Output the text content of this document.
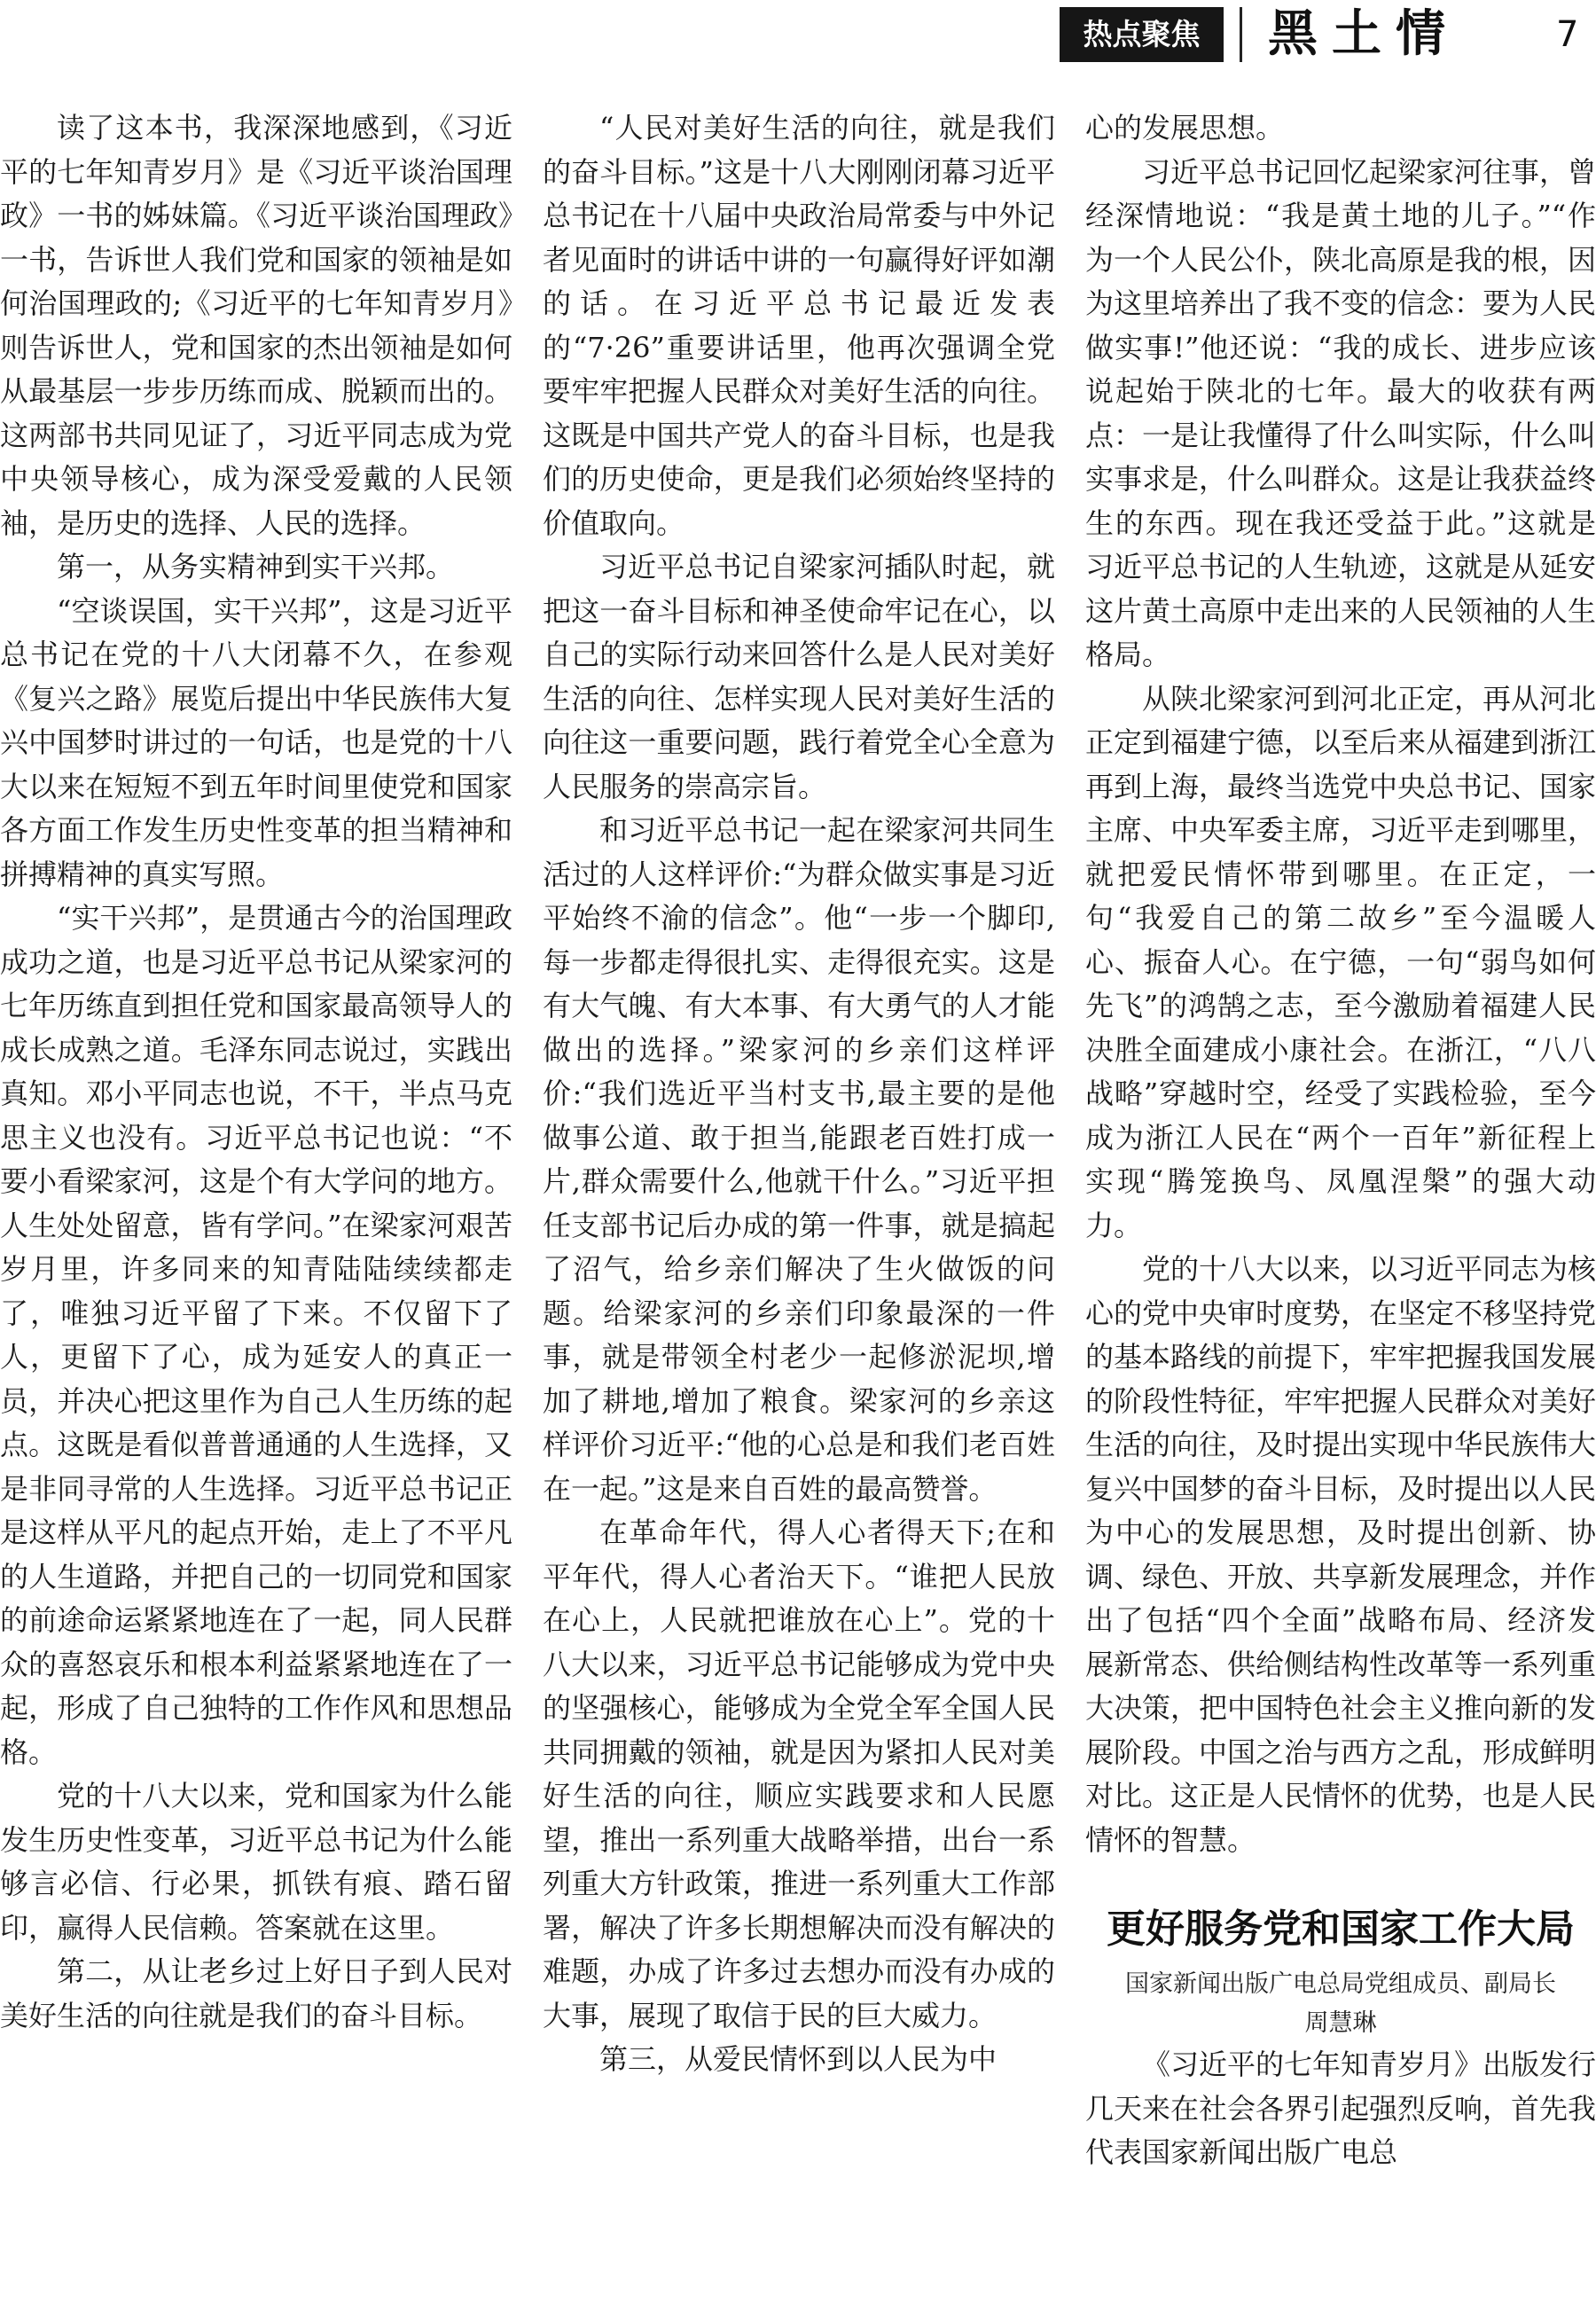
热点聚焦	黑土情	7

读了这本书，我深深地感到，《习近平的七年知青岁月》是《习近平谈治国理政》一书的姊妹篇。《习近平谈治国理政》一书，告诉世人我们党和国家的领袖是如何治国理政的;《习近平的七年知青岁月》则告诉世人，党和国家的杰出领袖是如何从最基层一步步历练而成、脱颖而出的。这两部书共同见证了，习近平同志成为党中央领导核心，成为深受爱戴的人民领袖，是历史的选择、人民的选择。

第一，从务实精神到实干兴邦。

“空谈误国，实干兴邦”，这是习近平总书记在党的十八大闭幕不久，在参观《复兴之路》展览后提出中华民族伟大复兴中国梦时讲过的一句话，也是党的十八大以来在短短不到五年时间里使党和国家各方面工作发生历史性变革的担当精神和拼搏精神的真实写照。

“实干兴邦”，是贯通古今的治国理政成功之道，也是习近平总书记从梁家河的七年历练直到担任党和国家最高领导人的成长成熟之道。毛泽东同志说过，实践出真知。邓小平同志也说，不干，半点马克思主义也没有。习近平总书记也说：“不要小看梁家河，这是个有大学问的地方。人生处处留意，皆有学问。”在梁家河艰苦岁月里，许多同来的知青陆陆续续都走了，唯独习近平留了下来。不仅留下了人，更留下了心，成为延安人的真正一员，并决心把这里作为自己人生历练的起点。这既是看似普普通通的人生选择，又是非同寻常的人生选择。习近平总书记正是这样从平凡的起点开始，走上了不平凡的人生道路，并把自己的一切同党和国家的前途命运紧紧地连在了一起，同人民群众的喜怒哀乐和根本利益紧紧地连在了一起，形成了自己独特的工作作风和思想品格。

党的十八大以来，党和国家为什么能发生历史性变革，习近平总书记为什么能够言必信、行必果，抓铁有痕、踏石留印，赢得人民信赖。答案就在这里。

第二，从让老乡过上好日子到人民对美好生活的向往就是我们的奋斗目标。

“人民对美好生活的向往，就是我们的奋斗目标。”这是十八大刚刚闭幕习近平总书记在十八届中央政治局常委与中外记者见面时的讲话中讲的一句赢得好评如潮的话。在习近平总书记最近发表的“7·26”重要讲话里，他再次强调全党要牢牢把握人民群众对美好生活的向往。这既是中国共产党人的奋斗目标，也是我们的历史使命，更是我们必须始终坚持的价值取向。

习近平总书记自梁家河插队时起，就把这一奋斗目标和神圣使命牢记在心，以自己的实际行动来回答什么是人民对美好生活的向往、怎样实现人民对美好生活的向往这一重要问题，践行着党全心全意为人民服务的崇高宗旨。

和习近平总书记一起在梁家河共同生活过的人这样评价:“为群众做实事是习近平始终不渝的信念”。他“一步一个脚印,每一步都走得很扎实、走得很充实。这是有大气魄、有大本事、有大勇气的人才能做出的选择。”梁家河的乡亲们这样评价:“我们选近平当村支书,最主要的是他做事公道、敢于担当,能跟老百姓打成一片,群众需要什么,他就干什么。”习近平担任支部书记后办成的第一件事，就是搞起了沼气，给乡亲们解决了生火做饭的问题。给梁家河的乡亲们印象最深的一件事，就是带领全村老少一起修淤泥坝,增加了耕地,增加了粮食。梁家河的乡亲这样评价习近平:“他的心总是和我们老百姓在一起。”这是来自百姓的最高赞誉。

在革命年代，得人心者得天下;在和平年代，得人心者治天下。“谁把人民放在心上，人民就把谁放在心上”。党的十八大以来，习近平总书记能够成为党中央的坚强核心，能够成为全党全军全国人民共同拥戴的领袖，就是因为紧扣人民对美好生活的向往，顺应实践要求和人民愿望，推出一系列重大战略举措，出台一系列重大方针政策，推进一系列重大工作部署，解决了许多长期想解决而没有解决的难题，办成了许多过去想办而没有办成的大事，展现了取信于民的巨大威力。

第三，从爱民情怀到以人民为中

心的发展思想。

习近平总书记回忆起梁家河往事，曾经深情地说：“我是黄土地的儿子。”“作为一个人民公仆，陕北高原是我的根，因为这里培养出了我不变的信念：要为人民做实事!”他还说：“我的成长、进步应该说起始于陕北的七年。最大的收获有两点：一是让我懂得了什么叫实际，什么叫实事求是，什么叫群众。这是让我获益终生的东西。现在我还受益于此。”这就是习近平总书记的人生轨迹，这就是从延安这片黄土高原中走出来的人民领袖的人生格局。

从陕北梁家河到河北正定，再从河北正定到福建宁德，以至后来从福建到浙江再到上海，最终当选党中央总书记、国家主席、中央军委主席，习近平走到哪里，就把爱民情怀带到哪里。在正定，一句“我爱自己的第二故乡”至今温暖人心、振奋人心。在宁德，一句“弱鸟如何先飞”的鸿鹄之志，至今激励着福建人民决胜全面建成小康社会。在浙江，“八八战略”穿越时空，经受了实践检验，至今成为浙江人民在“两个一百年”新征程上实现“腾笼换鸟、凤凰涅槃”的强大动力。

党的十八大以来，以习近平同志为核心的党中央审时度势，在坚定不移坚持党的基本路线的前提下，牢牢把握我国发展的阶段性特征，牢牢把握人民群众对美好生活的向往，及时提出实现中华民族伟大复兴中国梦的奋斗目标，及时提出以人民为中心的发展思想，及时提出创新、协调、绿色、开放、共享新发展理念，并作出了包括“四个全面”战略布局、经济发展新常态、供给侧结构性改革等一系列重大决策，把中国特色社会主义推向新的发展阶段。中国之治与西方之乱，形成鲜明对比。这正是人民情怀的优势，也是人民情怀的智慧。

更好服务党和国家工作大局
国家新闻出版广电总局党组成员、副局长
周慧琳

《习近平的七年知青岁月》出版发行几天来在社会各界引起强烈反响，首先我代表国家新闻出版广电总
